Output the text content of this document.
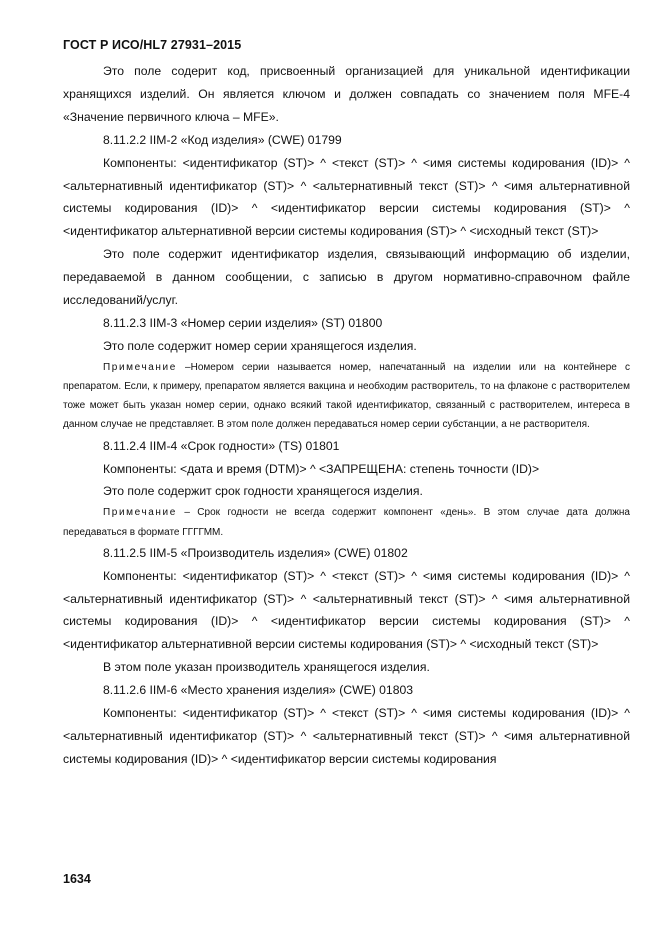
ГОСТ Р ИСО/HL7 27931–2015

Это поле содерит код, присвоенный организацией для уникальной идентификации хранящихся изделий. Он является ключом и должен совпадать со значением поля MFE-4 «Значение первичного ключа – MFE».

8.11.2.2 IIM-2 «Код изделия» (CWE) 01799

Компоненты: <идентификатор (ST)> ^ <текст (ST)> ^ <имя системы кодирования (ID)> ^ <альтернативный идентификатор (ST)> ^ <альтернативный текст (ST)> ^ <имя альтернативной системы кодирования (ID)> ^ <идентификатор версии системы кодирования (ST)> ^ <идентификатор альтернативной версии системы кодирования (ST)> ^ <исходный текст (ST)>

Это поле содержит идентификатор изделия, связывающий информацию об изделии, передаваемой в данном сообщении, с записью в другом нормативно-справочном файле исследований/услуг.

8.11.2.3 IIM-3 «Номер серии изделия» (ST) 01800

Это поле содержит номер серии хранящегося изделия.

Примечание –Номером серии называется номер, напечатанный на изделии или на контейнере с препаратом. Если, к примеру, препаратом является вакцина и необходим растворитель, то на флаконе с растворителем тоже может быть указан номер серии, однако всякий такой идентификатор, связанный с растворителем, интереса в данном случае не представляет. В этом поле должен передаваться номер серии субстанции, а не растворителя.

8.11.2.4 IIM-4 «Срок годности» (TS) 01801

Компоненты: <дата и время (DTM)> ^ <ЗАПРЕЩЕНА: степень точности (ID)>

Это поле содержит срок годности хранящегося изделия.

Примечание – Срок годности не всегда содержит компонент «день». В этом случае дата должна передаваться в формате ГГГГММ.

8.11.2.5 IIM-5 «Производитель изделия» (CWE) 01802

Компоненты: <идентификатор (ST)> ^ <текст (ST)> ^ <имя системы кодирования (ID)> ^ <альтернативный идентификатор (ST)> ^ <альтернативный текст (ST)> ^ <имя альтернативной системы кодирования (ID)> ^ <идентификатор версии системы кодирования (ST)> ^ <идентификатор альтернативной версии системы кодирования (ST)> ^ <исходный текст (ST)>

В этом поле указан производитель хранящегося изделия.

8.11.2.6 IIM-6 «Место хранения изделия» (CWE) 01803

Компоненты: <идентификатор (ST)> ^ <текст (ST)> ^ <имя системы кодирования (ID)> ^ <альтернативный идентификатор (ST)> ^ <альтернативный текст (ST)> ^ <имя альтернативной системы кодирования (ID)> ^ <идентификатор версии системы кодирования

1634
